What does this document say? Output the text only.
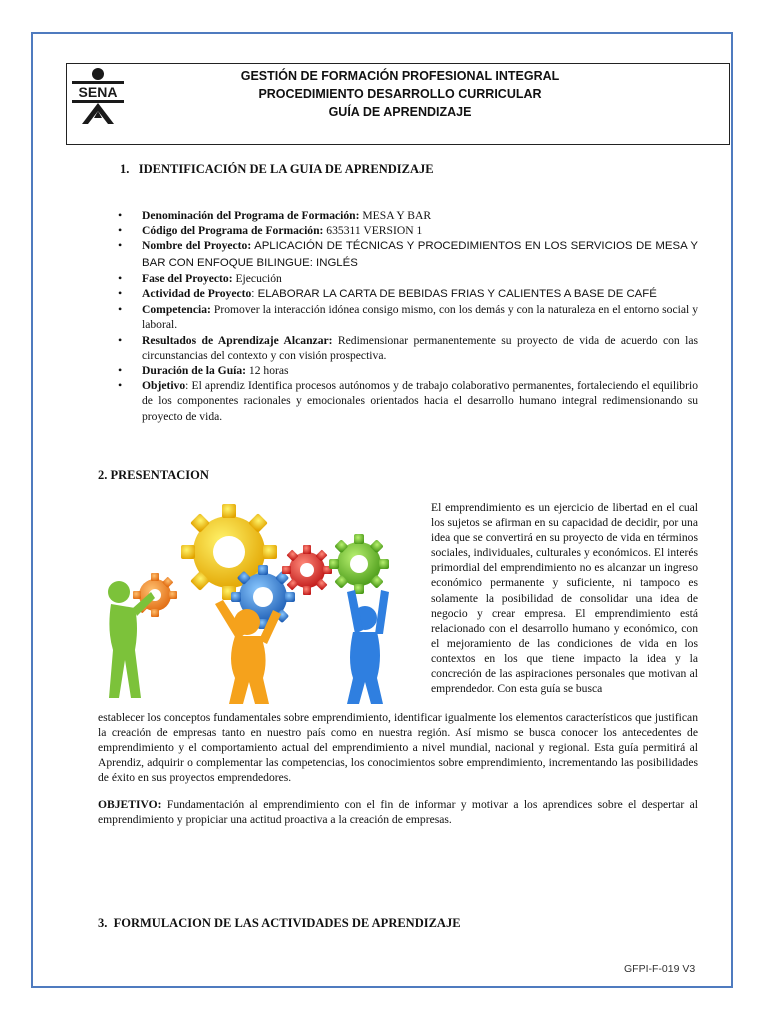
SENA
GESTIÓN DE FORMACIÓN PROFESIONAL INTEGRAL
PROCEDIMIENTO DESARROLLO CURRICULAR
GUÍA DE APRENDIZAJE
1.   IDENTIFICACIÓN DE LA GUIA DE APRENDIZAJE
• Denominación del Programa de Formación: MESA Y BAR
• Código del Programa de Formación: 635311 VERSION 1
• Nombre del Proyecto: APLICACIÓN DE TÉCNICAS Y PROCEDIMIENTOS EN LOS SERVICIOS DE MESA Y BAR CON ENFOQUE BILINGUE: INGLÉS
• Fase del Proyecto: Ejecución
• Actividad de Proyecto: ELABORAR LA CARTA DE BEBIDAS FRIAS Y CALIENTES A BASE DE CAFÉ
• Competencia: Promover la interacción idónea consigo mismo, con los demás y con la naturaleza en el entorno social y laboral.
• Resultados de Aprendizaje Alcanzar: Redimensionar permanentemente su proyecto de vida de acuerdo con las circunstancias del contexto y con visión prospectiva.
• Duración de la Guía: 12 horas
• Objetivo: El aprendiz Identifica procesos autónomos y de trabajo colaborativo permanentes, fortaleciendo el equilibrio de los componentes racionales y emocionales orientados hacia el desarrollo humano integral redimensionando su proyecto de vida.
2. PRESENTACION
El emprendimiento es un ejercicio de libertad en el cual los sujetos se afirman en su capacidad de decidir, por una idea que se convertirá en su proyecto de vida en términos sociales, individuales, culturales y económicos. El interés primordial del emprendimiento no es alcanzar un ingreso económico permanente y suficiente, ni tampoco es solamente la posibilidad de consolidar una idea de negocio y crear empresa. El emprendimiento está relacionado con el desarrollo humano y económico, con el mejoramiento de las condiciones de vida en los contextos en los que tiene impacto la idea y la concreción de las aspiraciones personales que motivan al emprendedor. Con esta guía se busca
establecer los conceptos fundamentales sobre emprendimiento, identificar igualmente los elementos característicos que justifican la creación de empresas tanto en nuestro país como en nuestra región. Así mismo se busca conocer los antecedentes de emprendimiento y el comportamiento actual del emprendimiento a nivel mundial, nacional y regional. Esta guía permitirá al Aprendiz, adquirir o complementar las competencias, los conocimientos sobre emprendimiento, incrementando las posibilidades de éxito en sus proyectos emprendedores.
OBJETIVO: Fundamentación al emprendimiento con el fin de informar y motivar a los aprendices sobre el despertar al emprendimiento y propiciar una actitud proactiva a la creación de empresas.
3.  FORMULACION DE LAS ACTIVIDADES DE APRENDIZAJE
GFPI-F-019 V3
